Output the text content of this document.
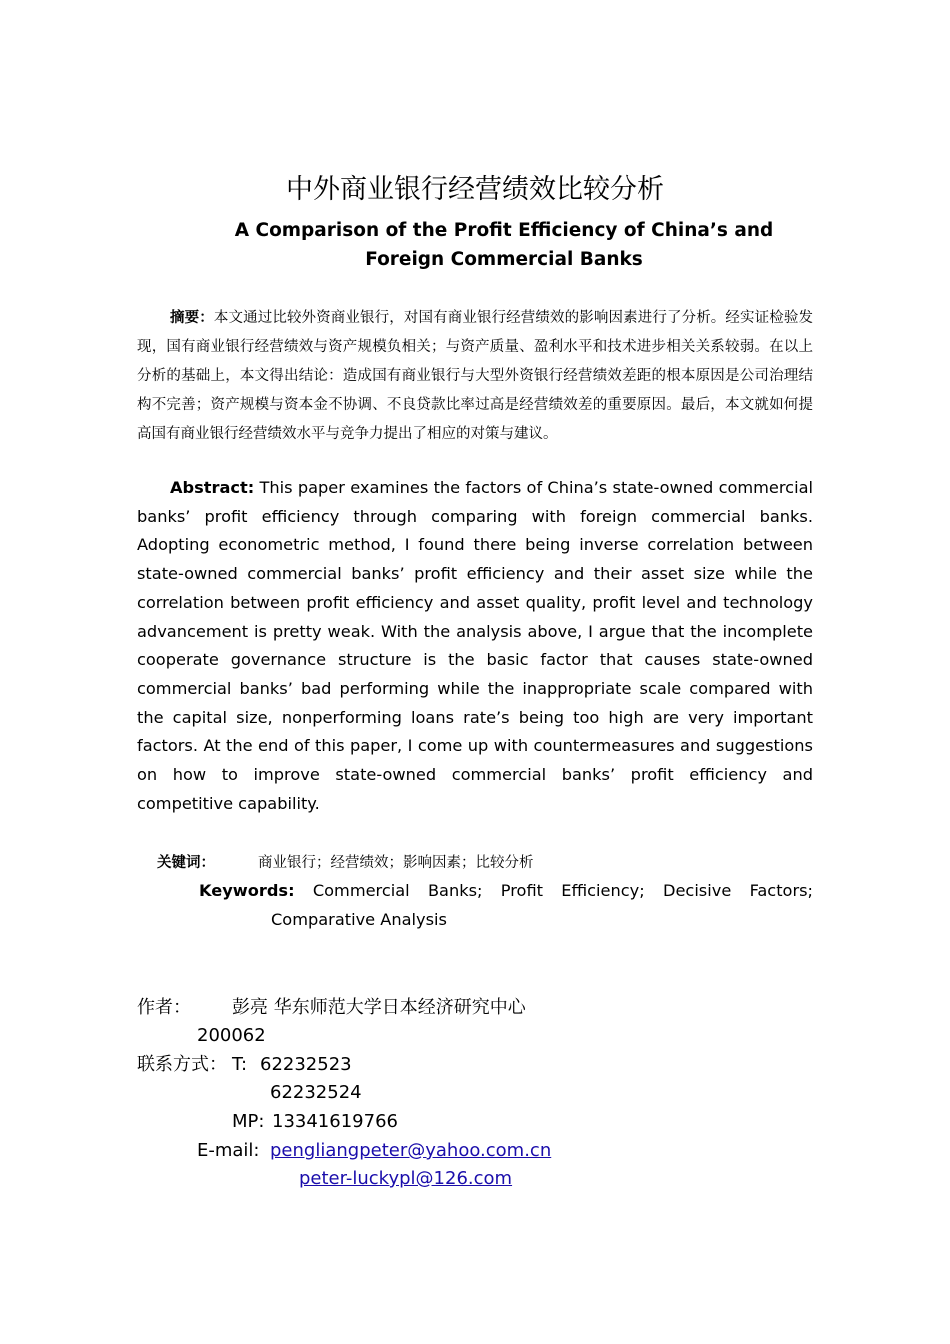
中外商业银行经营绩效比较分析
A Comparison of the Profit Efficiency of China’s and Foreign Commercial Banks

摘要：本文通过比较外资商业银行，对国有商业银行经营绩效的影响因素进行了分析。经实证检验发现，国有商业银行经营绩效与资产规模负相关；与资产质量、盈利水平和技术进步相关关系较弱。在以上分析的基础上，本文得出结论：造成国有商业银行与大型外资银行经营绩效差距的根本原因是公司治理结构不完善；资产规模与资本金不协调、不良贷款比率过高是经营绩效差的重要原因。最后，本文就如何提高国有商业银行经营绩效水平与竞争力提出了相应的对策与建议。

Abstract: This paper examines the factors of China’s state-owned commercial banks’ profit efficiency through comparing with foreign commercial banks. Adopting econometric method, I found there being inverse correlation between state-owned commercial banks’ profit efficiency and their asset size while the correlation between profit efficiency and asset quality, profit level and technology advancement is pretty weak. With the analysis above, I argue that the incomplete cooperate governance structure is the basic factor that causes state-owned commercial banks’ bad performing while the inappropriate scale compared with the capital size, nonperforming loans rate’s being too high are very important factors. At the end of this paper, I come up with countermeasures and suggestions on how to improve state-owned commercial banks’ profit efficiency and competitive capability.

关键词：	商业银行；经营绩效；影响因素；比较分析

Keywords: Commercial Banks; Profit Efficiency; Decisive Factors; Comparative Analysis

作者： 彭亮 华东师范大学日本经济研究中心
200062
联系方式： T: 62232523
62232524
MP: 13341619766
E-mail: pengliangpeter@yahoo.com.cn
peter-luckypl@126.com
